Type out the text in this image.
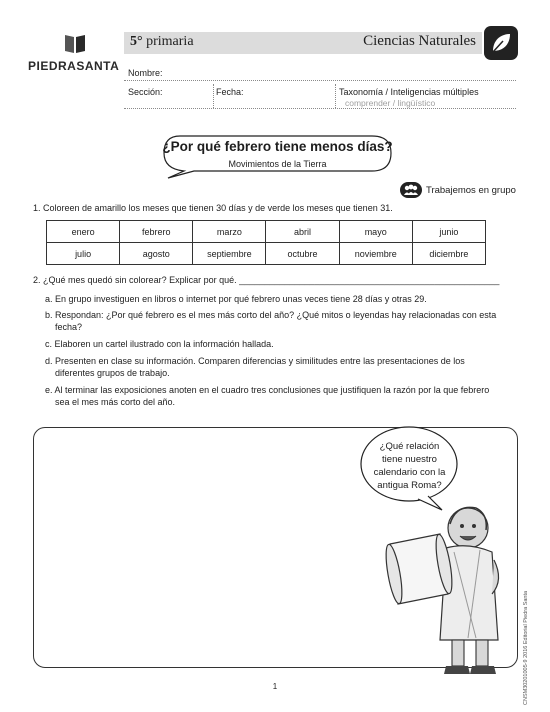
PIEDRASANTA
5° primaria	Ciencias Naturales
Nombre:
Sección:	Fecha:	Taxonomía / Inteligencias múltiples
comprender / lingüístico
¿Por qué febrero tiene menos días?
Movimientos de la Tierra
Trabajemos en grupo
1. Coloreen de amarillo los meses que tienen 30 días y de verde los meses que tienen 31.
enero	febrero	marzo	abril	mayo	junio
julio	agosto	septiembre	octubre	noviembre	diciembre
2. ¿Qué mes quedó sin colorear? Explicar por qué. ____________________________________________________
a. En grupo investiguen en libros o internet por qué febrero unas veces tiene 28 días y otras 29.
b. Respondan: ¿Por qué febrero es el mes más corto del año? ¿Qué mitos o leyendas hay relacionadas con esta
fecha?
c. Elaboren un cartel ilustrado con la información hallada.
d. Presenten en clase su información. Comparen diferencias y similitudes entre las presentaciones de los
diferentes grupos de trabajo.
e. Al terminar las exposiciones anoten en el cuadro tres conclusiones que justifiquen la razón por la que febrero
sea el mes más corto del año.
¿Qué relación
tiene nuestro
calendario con la
antigua Roma?
CNSM30201005-9 2016 Editorial Piedra Santa
1
